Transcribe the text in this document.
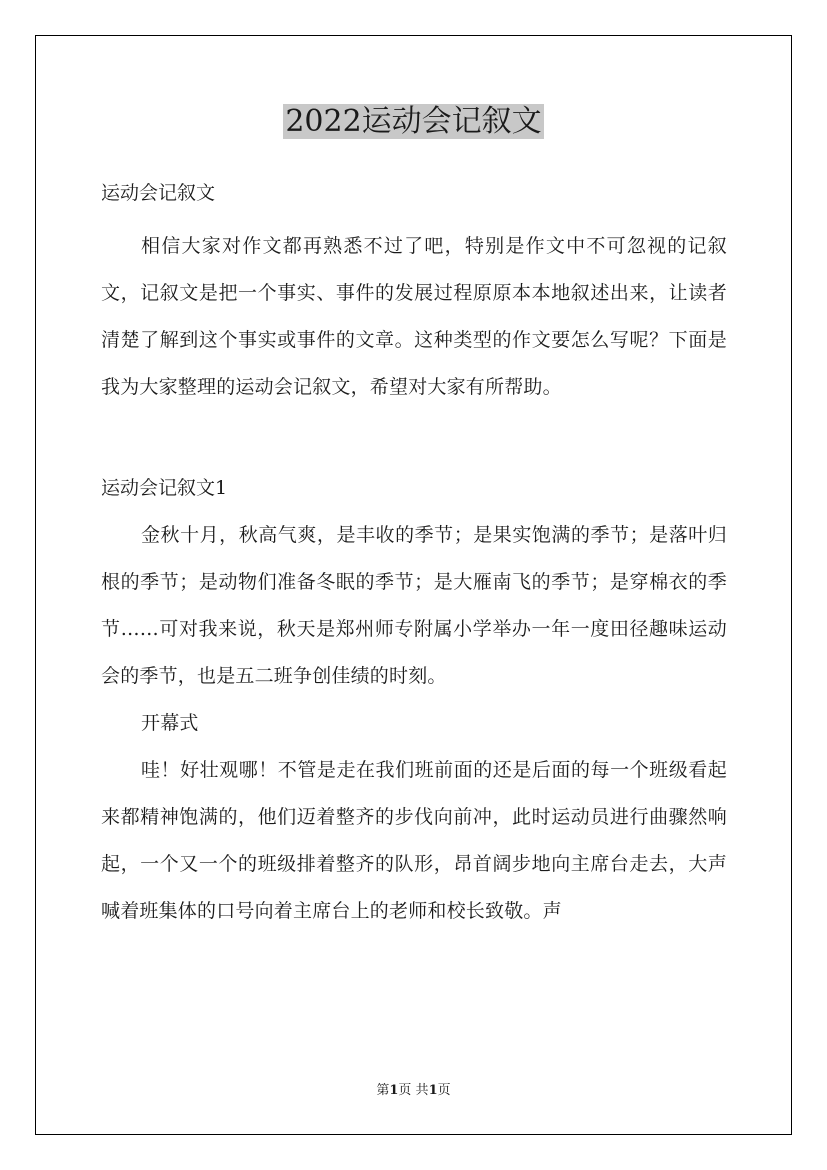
2022运动会记叙文

运动会记叙文

相信大家对作文都再熟悉不过了吧，特别是作文中不可忽视的记叙文，记叙文是把一个事实、事件的发展过程原原本本地叙述出来，让读者清楚了解到这个事实或事件的文章。这种类型的作文要怎么写呢？下面是我为大家整理的运动会记叙文，希望对大家有所帮助。

运动会记叙文1

金秋十月，秋高气爽，是丰收的季节；是果实饱满的季节；是落叶归根的季节；是动物们准备冬眠的季节；是大雁南飞的季节；是穿棉衣的季节……可对我来说，秋天是郑州师专附属小学举办一年一度田径趣味运动会的季节，也是五二班争创佳绩的时刻。

开幕式

哇！好壮观哪！不管是走在我们班前面的还是后面的每一个班级看起来都精神饱满的，他们迈着整齐的步伐向前冲，此时运动员进行曲骤然响起，一个又一个的班级排着整齐的队形，昂首阔步地向主席台走去，大声喊着班集体的口号向着主席台上的老师和校长致敬。声

第1页 共1页
